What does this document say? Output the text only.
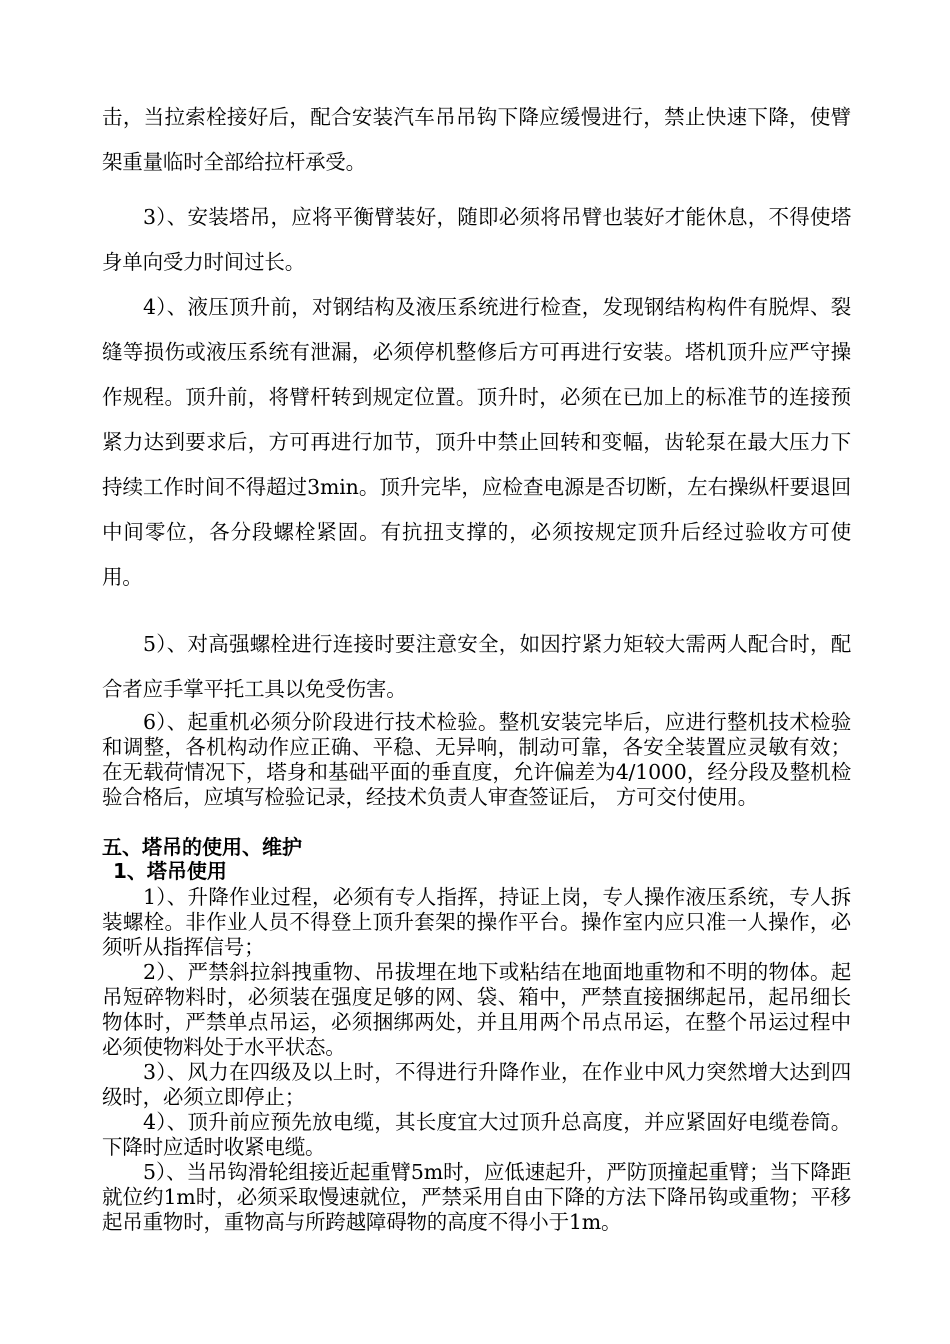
击，当拉索栓接好后，配合安装汽车吊吊钩下降应缓慢进行，禁止快速下降，使臂架重量临时全部给拉杆承受。

3）、安装塔吊，应将平衡臂装好，随即必须将吊臂也装好才能休息，不得使塔身单向受力时间过长。

4）、液压顶升前，对钢结构及液压系统进行检查，发现钢结构构件有脱焊、裂缝等损伤或液压系统有泄漏，必须停机整修后方可再进行安装。塔机顶升应严守操作规程。顶升前，将臂杆转到规定位置。顶升时，必须在已加上的标准节的连接预紧力达到要求后，方可再进行加节，顶升中禁止回转和变幅，齿轮泵在最大压力下持续工作时间不得超过3min。顶升完毕，应检查电源是否切断，左右操纵杆要退回中间零位，各分段螺栓紧固。有抗扭支撑的，必须按规定顶升后经过验收方可使用。

5）、对高强螺栓进行连接时要注意安全，如因拧紧力矩较大需两人配合时，配合者应手掌平托工具以免受伤害。

6）、起重机必须分阶段进行技术检验。整机安装完毕后，应进行整机技术检验和调整，各机构动作应正确、平稳、无异响，制动可靠，各安全装置应灵敏有效；在无载荷情况下，塔身和基础平面的垂直度，允许偏差为4/1000，经分段及整机检验合格后，应填写检验记录，经技术负责人审查签证后， 方可交付使用。

五、塔吊的使用、维护
1、塔吊使用

1）、升降作业过程，必须有专人指挥，持证上岗，专人操作液压系统，专人拆装螺栓。非作业人员不得登上顶升套架的操作平台。操作室内应只准一人操作，必须听从指挥信号；

2）、严禁斜拉斜拽重物、吊拔埋在地下或粘结在地面地重物和不明的物体。起吊短碎物料时，必须装在强度足够的网、袋、箱中，严禁直接捆绑起吊，起吊细长物体时，严禁单点吊运，必须捆绑两处，并且用两个吊点吊运，在整个吊运过程中必须使物料处于水平状态。

3）、风力在四级及以上时，不得进行升降作业，在作业中风力突然增大达到四级时，必须立即停止；

4）、顶升前应预先放电缆，其长度宜大过顶升总高度，并应紧固好电缆卷筒。下降时应适时收紧电缆。

5）、当吊钩滑轮组接近起重臂5m时，应低速起升，严防顶撞起重臂；当下降距就位约1m时，必须采取慢速就位，严禁采用自由下降的方法下降吊钩或重物；平移起吊重物时，重物高与所跨越障碍物的高度不得小于1m。
